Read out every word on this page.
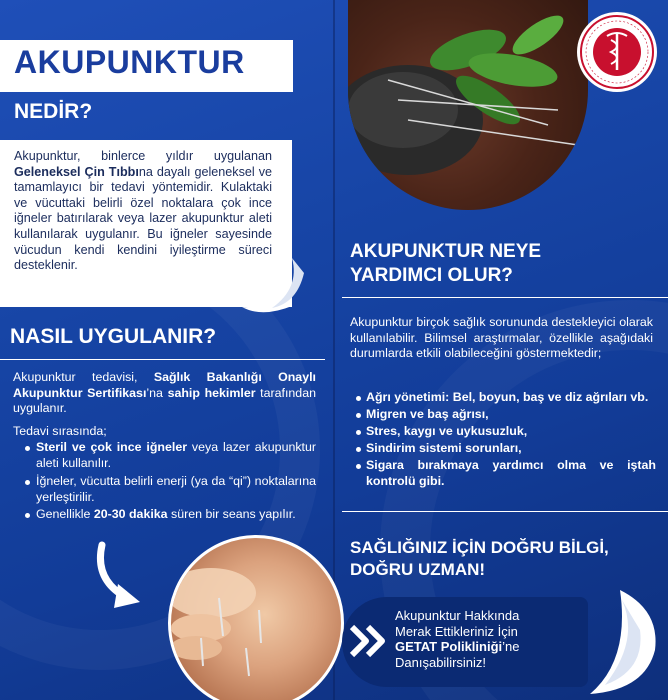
AKUPUNKTUR
NEDİR?
Akupunktur, binlerce yıldır uygulanan Geleneksel Çin Tıbbına dayalı geleneksel ve tamamlayıcı bir tedavi yöntemidir. Kulaktaki ve vücuttaki belirli özel noktalara çok ince iğneler batırılarak veya lazer akupunktur aleti kullanılarak uygulanır. Bu iğneler sayesinde vücudun kendi kendini iyileştirme süreci desteklenir.
NASIL UYGULANIR?
Akupunktur tedavisi, Sağlık Bakanlığı Onaylı Akupunktur Sertifikası’na sahip hekimler tarafından uygulanır.
Tedavi sırasında;
Steril ve çok ince iğneler veya lazer akupunktur aleti kullanılır.
İğneler, vücutta belirli enerji (ya da “qi”) noktalarına yerleştirilir.
Genellikle 20-30 dakika süren bir seans yapılır.
AKUPUNKTUR NEYE
YARDIMCI OLUR?
Akupunktur birçok sağlık sorununda destekleyici olarak kullanılabilir. Bilimsel araştırmalar, özellikle aşağıdaki durumlarda etkili olabileceğini göstermektedir;
Ağrı yönetimi: Bel, boyun, baş ve diz ağrıları vb.
Migren ve baş ağrısı,
Stres, kaygı ve uykusuzluk,
Sindirim sistemi sorunları,
Sigara bırakmaya yardımcı olma ve iştah kontrolü gibi.
SAĞLIĞINIZ İÇİN DOĞRU BİLGİ,
DOĞRU UZMAN!
Akupunktur Hakkında
Merak Ettikleriniz İçin
GETAT Polikliniği’ne
Danışabilirsiniz!
